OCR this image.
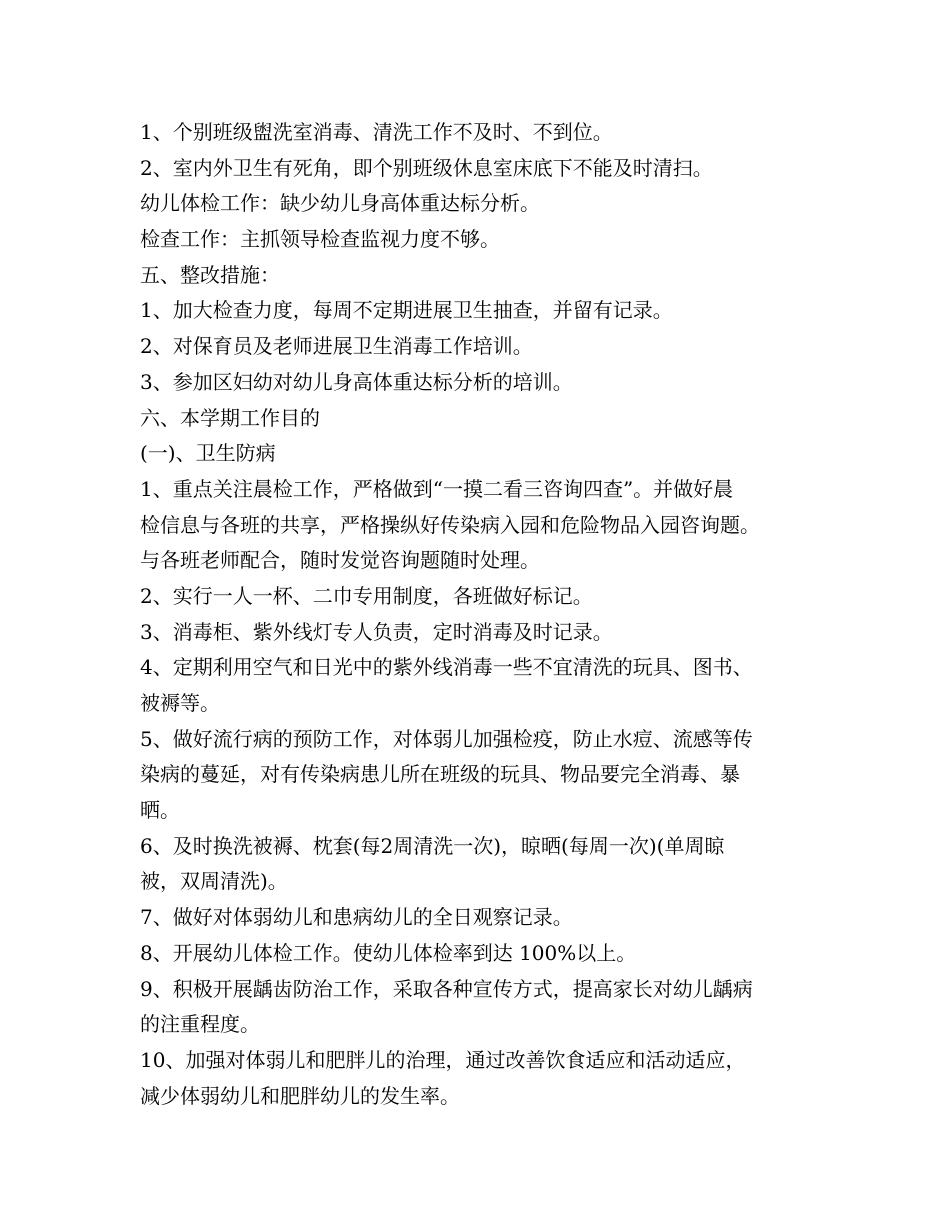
1、个别班级盥洗室消毒、清洗工作不及时、不到位。

2、室内外卫生有死角，即个别班级休息室床底下不能及时清扫。

幼儿体检工作：缺少幼儿身高体重达标分析。

检查工作：主抓领导检查监视力度不够。

五、整改措施：

1、加大检查力度，每周不定期进展卫生抽查，并留有记录。

2、对保育员及老师进展卫生消毒工作培训。

3、参加区妇幼对幼儿身高体重达标分析的培训。

六、本学期工作目的

(一)、卫生防病

1、重点关注晨检工作，严格做到“一摸二看三咨询四查”。并做好晨

检信息与各班的共享，严格操纵好传染病入园和危险物品入园咨询题。

与各班老师配合，随时发觉咨询题随时处理。

2、实行一人一杯、二巾专用制度，各班做好标记。

3、消毒柜、紫外线灯专人负责，定时消毒及时记录。

4、定期利用空气和日光中的紫外线消毒一些不宜清洗的玩具、图书、

被褥等。

5、做好流行病的预防工作，对体弱儿加强检疫，防止水痘、流感等传

染病的蔓延，对有传染病患儿所在班级的玩具、物品要完全消毒、暴

晒。

6、及时换洗被褥、枕套(每2周清洗一次)，晾晒(每周一次)(单周晾

被，双周清洗)。

7、做好对体弱幼儿和患病幼儿的全日观察记录。

8、开展幼儿体检工作。使幼儿体检率到达 100%以上。

9、积极开展龋齿防治工作，采取各种宣传方式，提高家长对幼儿龋病

的注重程度。

10、加强对体弱儿和肥胖儿的治理，通过改善饮食适应和活动适应，

减少体弱幼儿和肥胖幼儿的发生率。
